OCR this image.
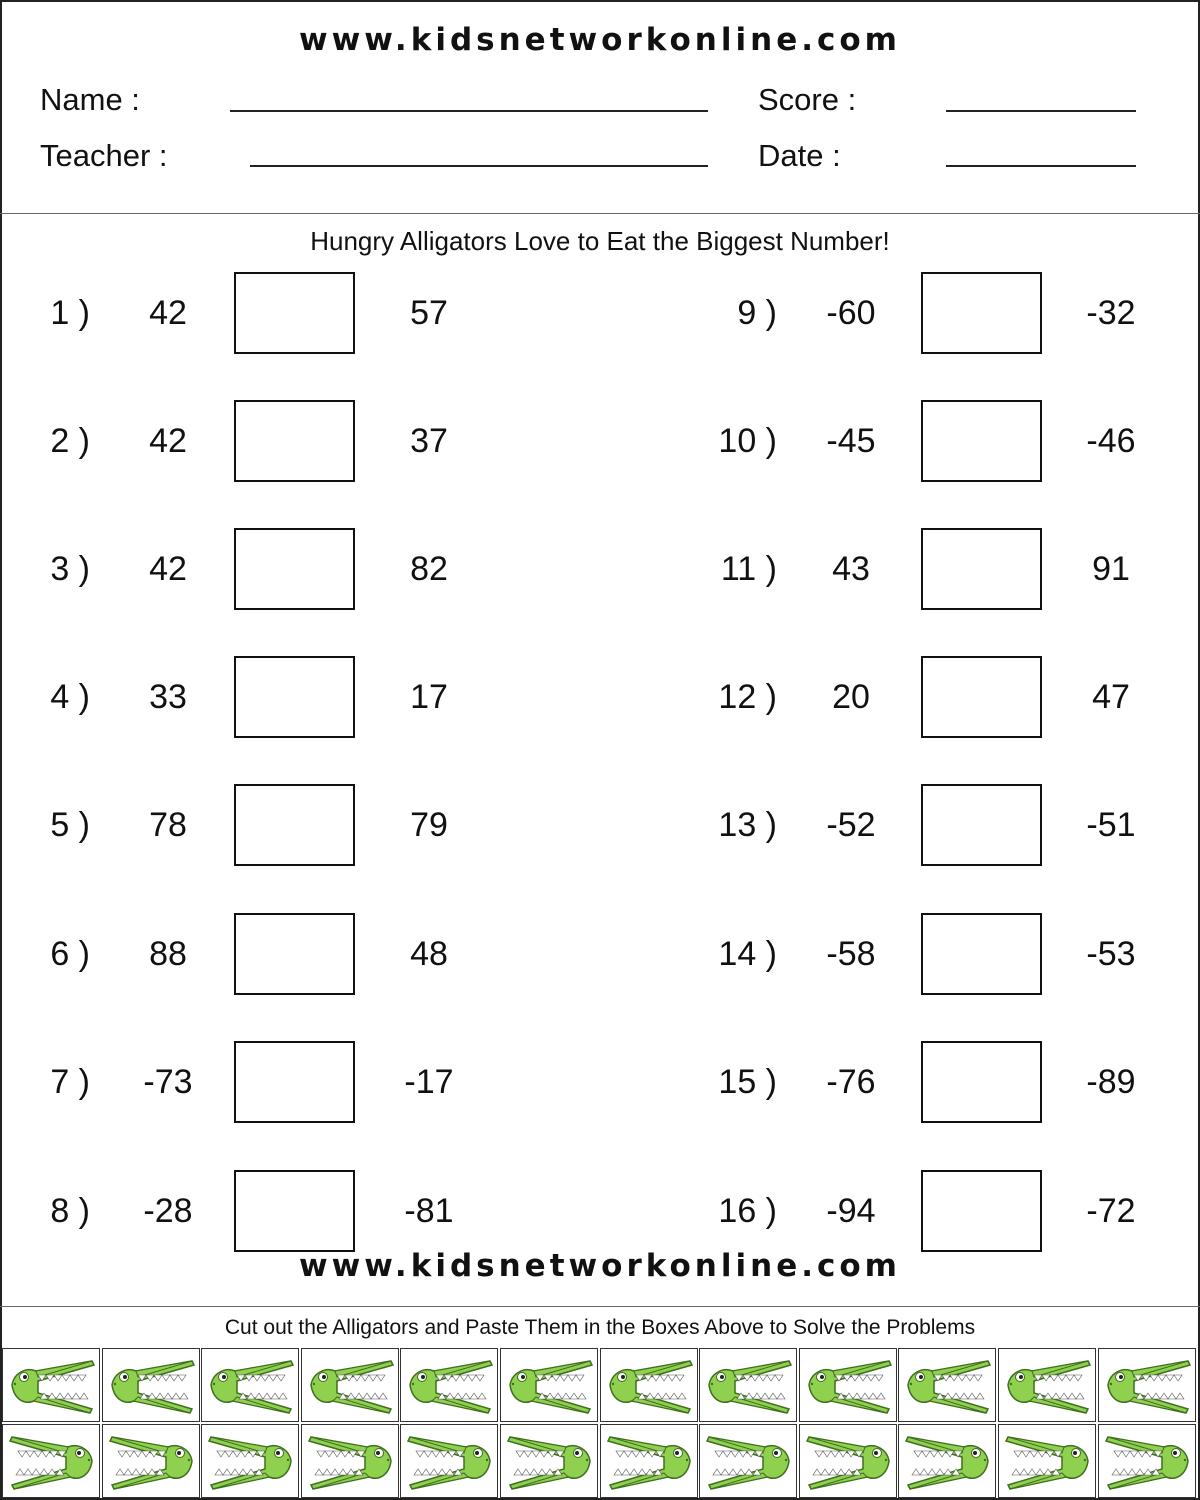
www.kidsnetworkonline.com
Name :	Score :
Teacher :	Date :
Hungry Alligators Love to Eat the Biggest Number!
1 )	42	57
2 )	42	37
3 )	42	82
4 )	33	17
5 )	78	79
6 )	88	48
7 )	-73	-17
8 )	-28	-81
9 )	-60	-32
10 )	-45	-46
11 )	43	91
12 )	20	47
13 )	-52	-51
14 )	-58	-53
15 )	-76	-89
16 )	-94	-72
www.kidsnetworkonline.com
Cut out the Alligators and Paste Them in the Boxes Above to Solve the Problems
